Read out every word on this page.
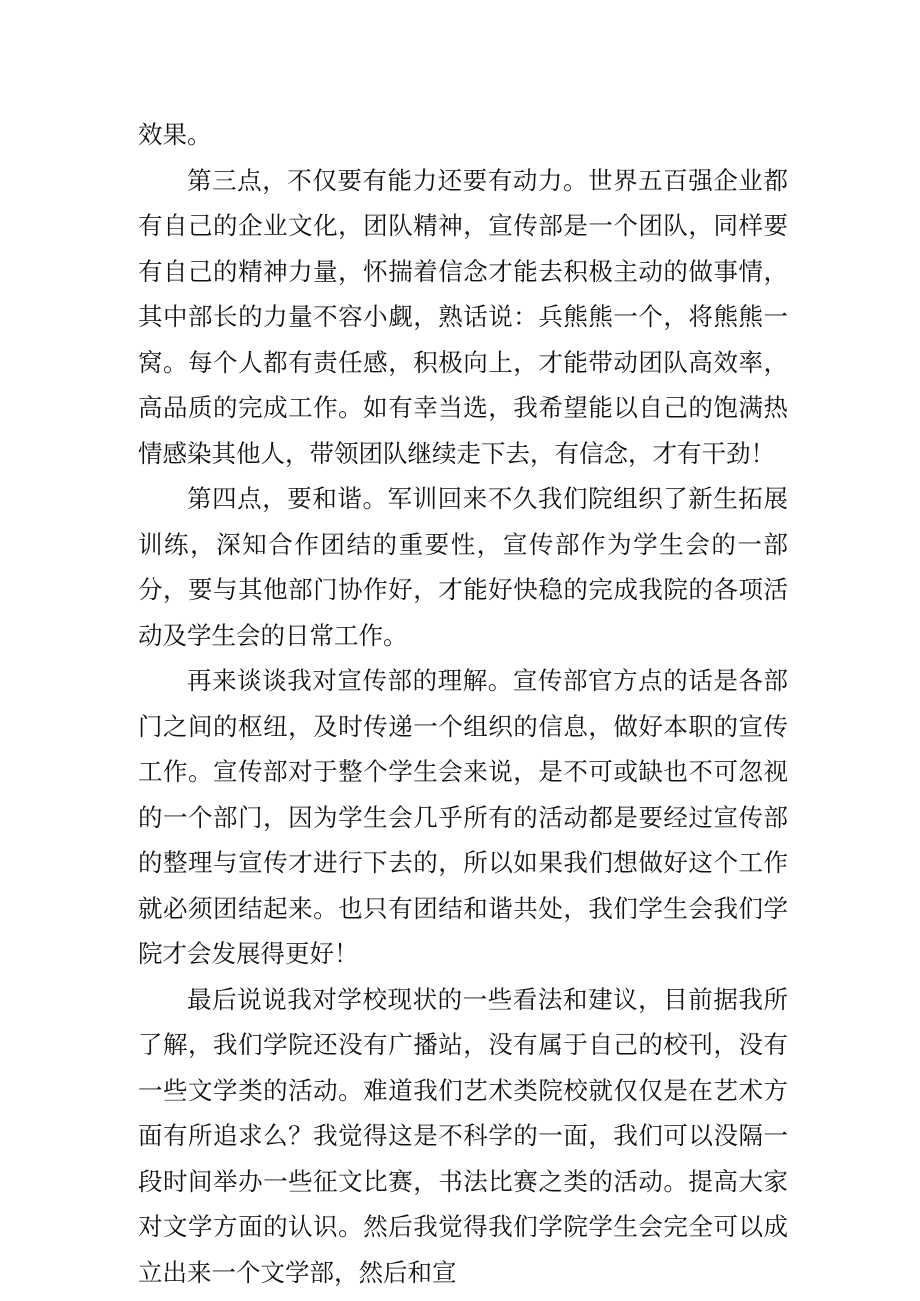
效果。

第三点，不仅要有能力还要有动力。世界五百强企业都有自己的企业文化，团队精神，宣传部是一个团队，同样要有自己的精神力量，怀揣着信念才能去积极主动的做事情，其中部长的力量不容小觑，熟话说：兵熊熊一个，将熊熊一窝。每个人都有责任感，积极向上，才能带动团队高效率，高品质的完成工作。如有幸当选，我希望能以自己的饱满热情感染其他人，带领团队继续走下去，有信念，才有干劲！

第四点，要和谐。军训回来不久我们院组织了新生拓展训练，深知合作团结的重要性，宣传部作为学生会的一部分，要与其他部门协作好，才能好快稳的完成我院的各项活动及学生会的日常工作。

再来谈谈我对宣传部的理解。宣传部官方点的话是各部门之间的枢纽，及时传递一个组织的信息，做好本职的宣传工作。宣传部对于整个学生会来说，是不可或缺也不可忽视的一个部门，因为学生会几乎所有的活动都是要经过宣传部的整理与宣传才进行下去的，所以如果我们想做好这个工作就必须团结起来。也只有团结和谐共处，我们学生会我们学院才会发展得更好！

最后说说我对学校现状的一些看法和建议，目前据我所了解，我们学院还没有广播站，没有属于自己的校刊，没有一些文学类的活动。难道我们艺术类院校就仅仅是在艺术方面有所追求么？我觉得这是不科学的一面，我们可以没隔一段时间举办一些征文比赛，书法比赛之类的活动。提高大家对文学方面的认识。然后我觉得我们学院学生会完全可以成立出来一个文学部，然后和宣
